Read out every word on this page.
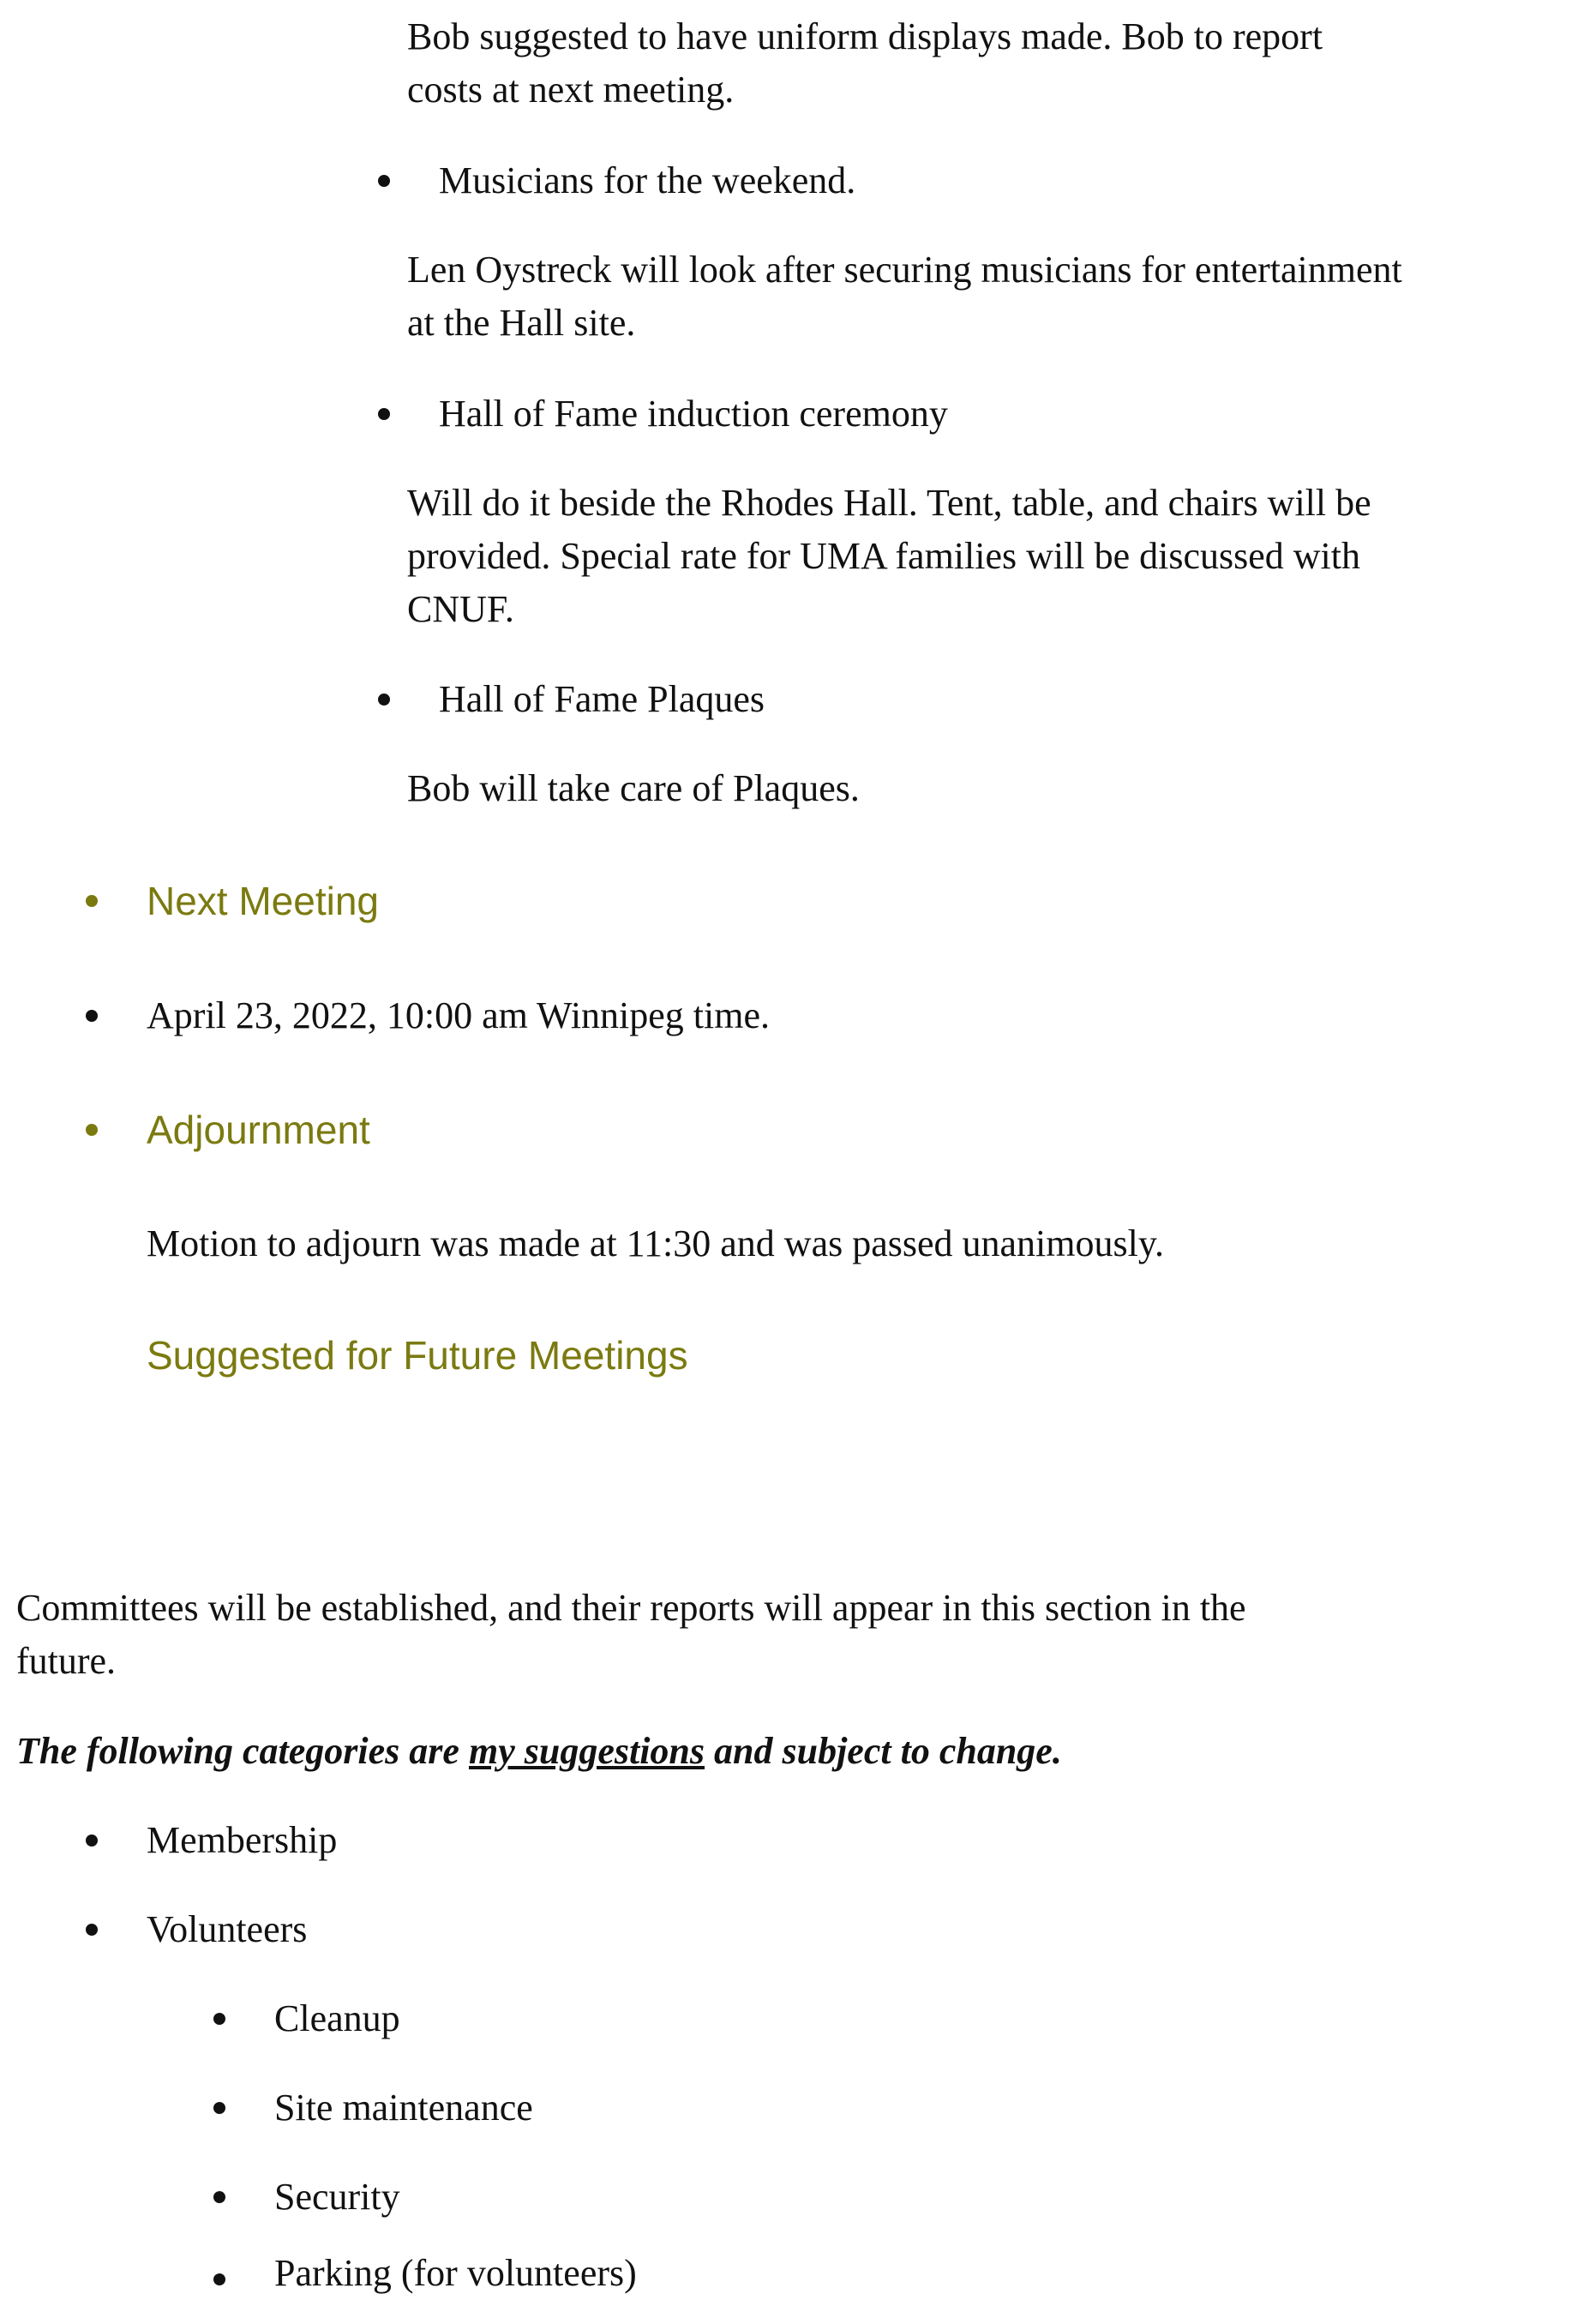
Bob suggested to have uniform displays made. Bob to report

costs at next meeting.

Musicians for the weekend.

Len Oystreck will look after securing musicians for entertainment

at the Hall site.

Hall of Fame induction ceremony

Will do it beside the Rhodes Hall. Tent, table, and chairs will be

provided. Special rate for UMA families will be discussed with

CNUF.

Hall of Fame Plaques

Bob will take care of Plaques.

Next Meeting

April 23, 2022, 10:00 am Winnipeg time.

Adjournment

Motion to adjourn was made at 11:30 and was passed unanimously.

Suggested for Future Meetings

Committees will be established, and their reports will appear in this section in the

future.

The following categories are my suggestions and subject to change.

Membership

Volunteers

Cleanup

Site maintenance

Security

Parking (for volunteers)
